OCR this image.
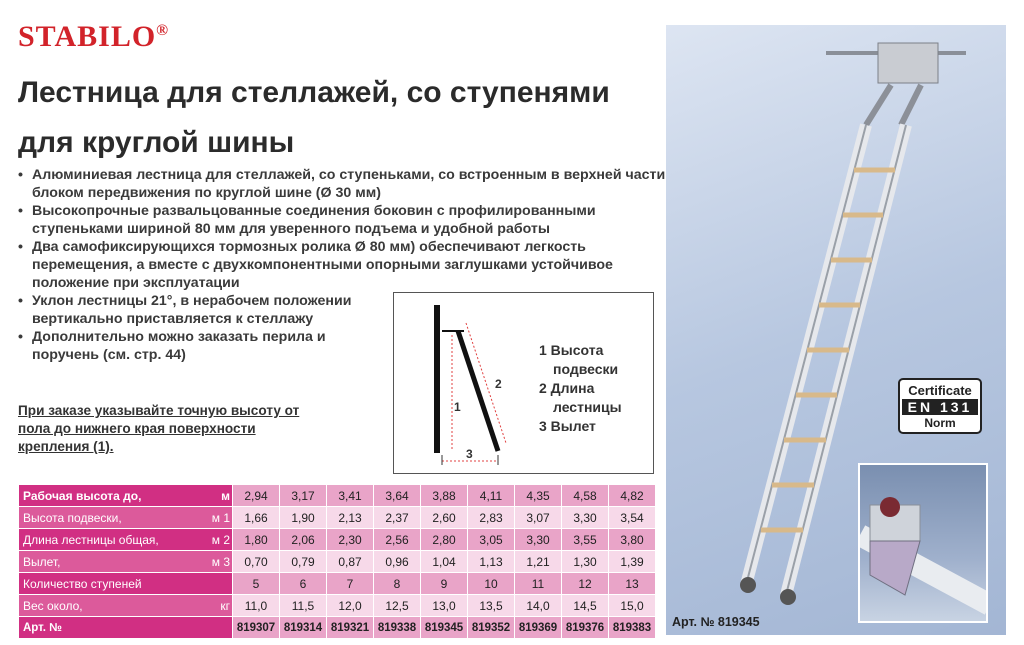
STABILO®
Лестница для стеллажей, со ступенями
для круглой шины
• Алюминиевая лестница для стеллажей, со ступеньками, со встроенным в верхней части блоком передвижения по круглой шине (Ø 30 мм)
• Высокопрочные развальцованные соединения боковин с профилированными ступеньками шириной 80 мм для уверенного подъема и удобной работы
• Два самофиксирующихся тормозных ролика Ø 80 мм) обеспечивают легкость перемещения, а вместе с двухкомпонентными опорными заглушками устойчивое положение при эксплуатации
• Уклон лестницы 21°, в нерабочем положении вертикально приставляется к стеллажу
• Дополнительно можно заказать перила и поручень (см. стр. 44)
При заказе указывайте точную высоту от пола до нижнего края поверхности крепления (1).
1
2
3
1 Высота
подвески
2 Длина
лестницы
3 Вылет
Рабочая высота до, м	2,94	3,17	3,41	3,64	3,88	4,11	4,35	4,58	4,82
Высота подвески, м 1	1,66	1,90	2,13	2,37	2,60	2,83	3,07	3,30	3,54
Длина лестницы общая, м 2	1,80	2,06	2,30	2,56	2,80	3,05	3,30	3,55	3,80
Вылет, м 3	0,70	0,79	0,87	0,96	1,04	1,13	1,21	1,30	1,39
Количество ступеней	5	6	7	8	9	10	11	12	13
Вес около, кг	11,0	11,5	12,0	12,5	13,0	13,5	14,0	14,5	15,0
Арт. №	819307	819314	819321	819338	819345	819352	819369	819376	819383 Арт. № 819345
Certificate
EN 131
Norm
